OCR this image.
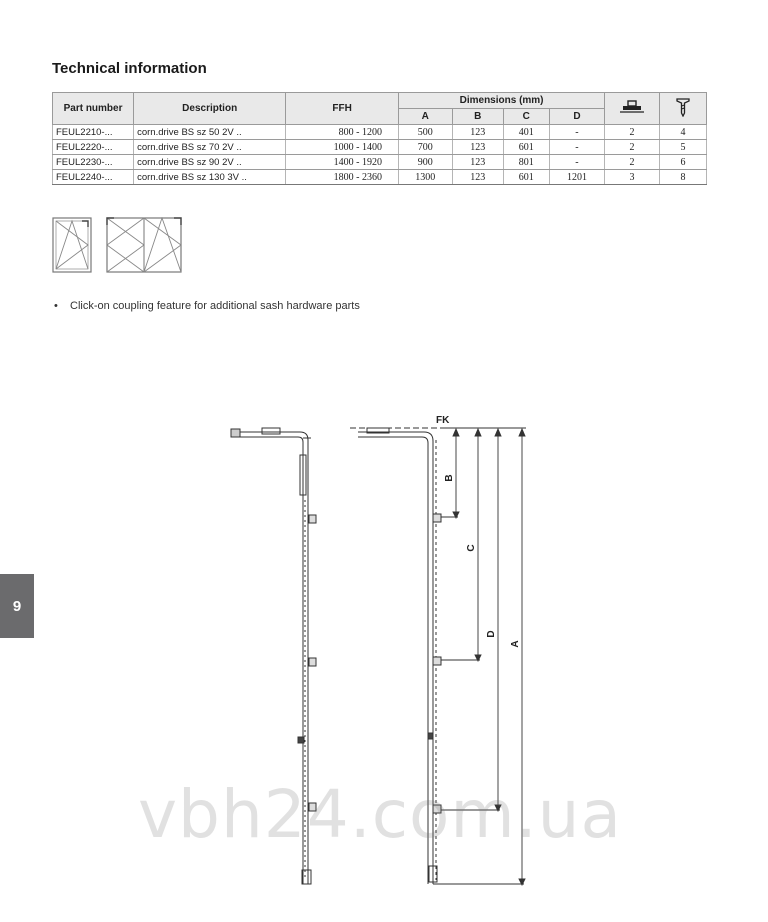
Technical information
Part number	Description	FFH	Dimensions (mm)		
			A	B	C	D		
FEUL2210-...	corn.drive BS sz 50 2V ..	800 - 1200	500	123	401	-	2	4
FEUL2220-...	corn.drive BS sz 70 2V ..	1000 - 1400	700	123	601	-	2	5
FEUL2230-...	corn.drive BS sz 90 2V ..	1400 - 1920	900	123	801	-	2	6
FEUL2240-...	corn.drive BS sz 130 3V ..	1800 - 2360	1300	123	601	1201	3	8
• Click-on coupling feature for additional sash hardware parts
9
FK
B
C
D
A
vbh24.com.ua
